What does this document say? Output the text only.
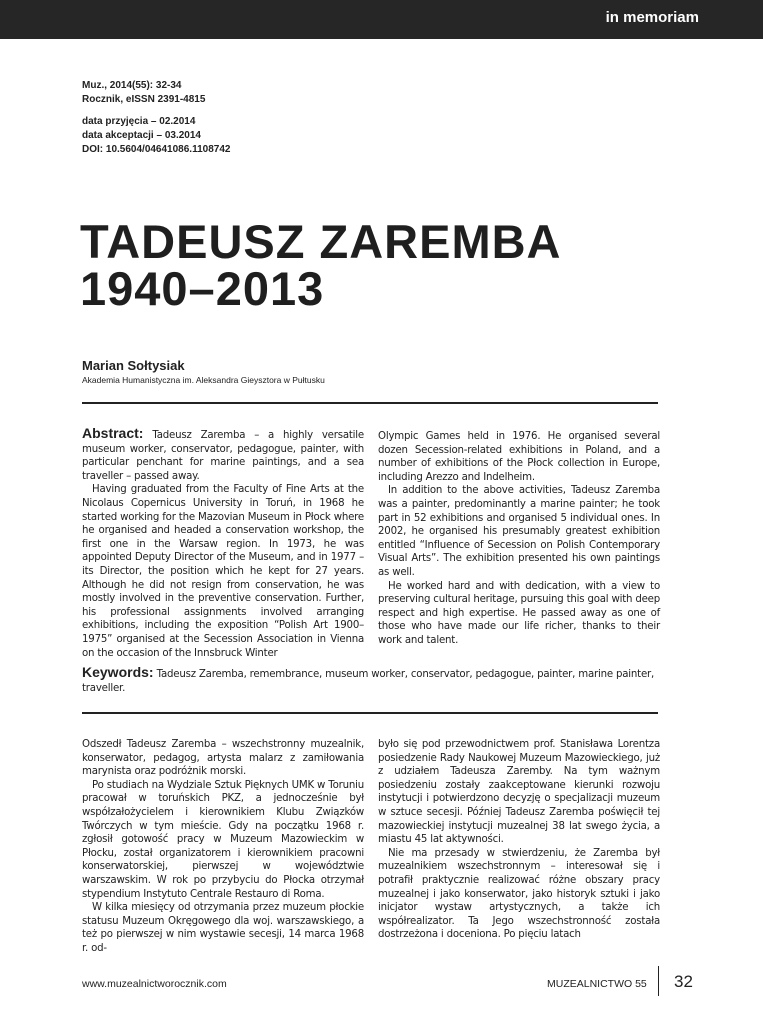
in memoriam
Muz., 2014(55): 32-34
Rocznik, eISSN 2391-4815
data przyjęcia – 02.2014
data akceptacji – 03.2014
DOI: 10.5604/04641086.1108742
TADEUSZ ZAREMBA
1940–2013
Marian Sołtysiak
Akademia Humanistyczna im. Aleksandra Gieysztora w Pułtusku

Abstract: Tadeusz Zaremba – a highly versatile museum worker, conservator, pedagogue, painter, with particular penchant for marine paintings, and a sea traveller – passed away.

Having graduated from the Faculty of Fine Arts at the Nicolaus Copernicus University in Toruń, in 1968 he started working for the Mazovian Museum in Płock where he organised and headed a conservation workshop, the first one in the Warsaw region. In 1973, he was appointed Deputy Director of the Museum, and in 1977 – its Director, the position which he kept for 27 years. Although he did not resign from conservation, he was mostly involved in the preventive conservation. Further, his professional assignments involved arranging exhibitions, including the exposition “Polish Art 1900–1975” organised at the Secession Association in Vienna on the occasion of the Innsbruck Winter

Olympic Games held in 1976. He organised several dozen Secession-related exhibitions in Poland, and a number of exhibitions of the Płock collection in Europe, including Arezzo and Indelheim.

In addition to the above activities, Tadeusz Zaremba was a painter, predominantly a marine painter; he took part in 52 exhibitions and organised 5 individual ones. In 2002, he organised his presumably greatest exhibition entitled “Influence of Secession on Polish Contemporary Visual Arts”. The exhibition presented his own paintings as well.

He worked hard and with dedication, with a view to preserving cultural heritage, pursuing this goal with deep respect and high expertise. He passed away as one of those who have made our life richer, thanks to their work and talent.

Keywords: Tadeusz Zaremba, remembrance, museum worker, conservator, pedagogue, painter, marine painter, traveller.

Odszedł Tadeusz Zaremba – wszechstronny muzealnik, konserwator, pedagog, artysta malarz z zamiłowania marynista oraz podróżnik morski.

Po studiach na Wydziale Sztuk Pięknych UMK w Toruniu pracował w toruńskich PKZ, a jednocześnie był współzałożycielem i kierownikiem Klubu Związków Twórczych w tym mieście. Gdy na początku 1968 r. zgłosił gotowość pracy w Muzeum Mazowieckim w Płocku, został organizatorem i kierownikiem pracowni konserwatorskiej, pierwszej w województwie warszawskim. W rok po przybyciu do Płocka otrzymał stypendium Instytuto Centrale Restauro di Roma.

W kilka miesięcy od otrzymania przez muzeum płockie statusu Muzeum Okręgowego dla woj. warszawskiego, a też po pierwszej w nim wystawie secesji, 14 marca 1968 r. od-

było się pod przewodnictwem prof. Stanisława Lorentza posiedzenie Rady Naukowej Muzeum Mazowieckiego, już z udziałem Tadeusza Zaremby. Na tym ważnym posiedzeniu zostały zaakceptowane kierunki rozwoju instytucji i potwierdzono decyzję o specjalizacji muzeum w sztuce secesji. Później Tadeusz Zaremba poświęcił tej mazowieckiej instytucji muzealnej 38 lat swego życia, a miastu 45 lat aktywności.

Nie ma przesady w stwierdzeniu, że Zaremba był muzealnikiem wszechstronnym – interesował się i potrafił praktycznie realizować różne obszary pracy muzealnej i jako konserwator, jako historyk sztuki i jako inicjator wystaw artystycznych, a także ich współrealizator. Ta Jego wszechstronność została dostrzeżona i doceniona. Po pięciu latach

www.muzealnictworocznik.com	MUZEALNICTWO 55 32
